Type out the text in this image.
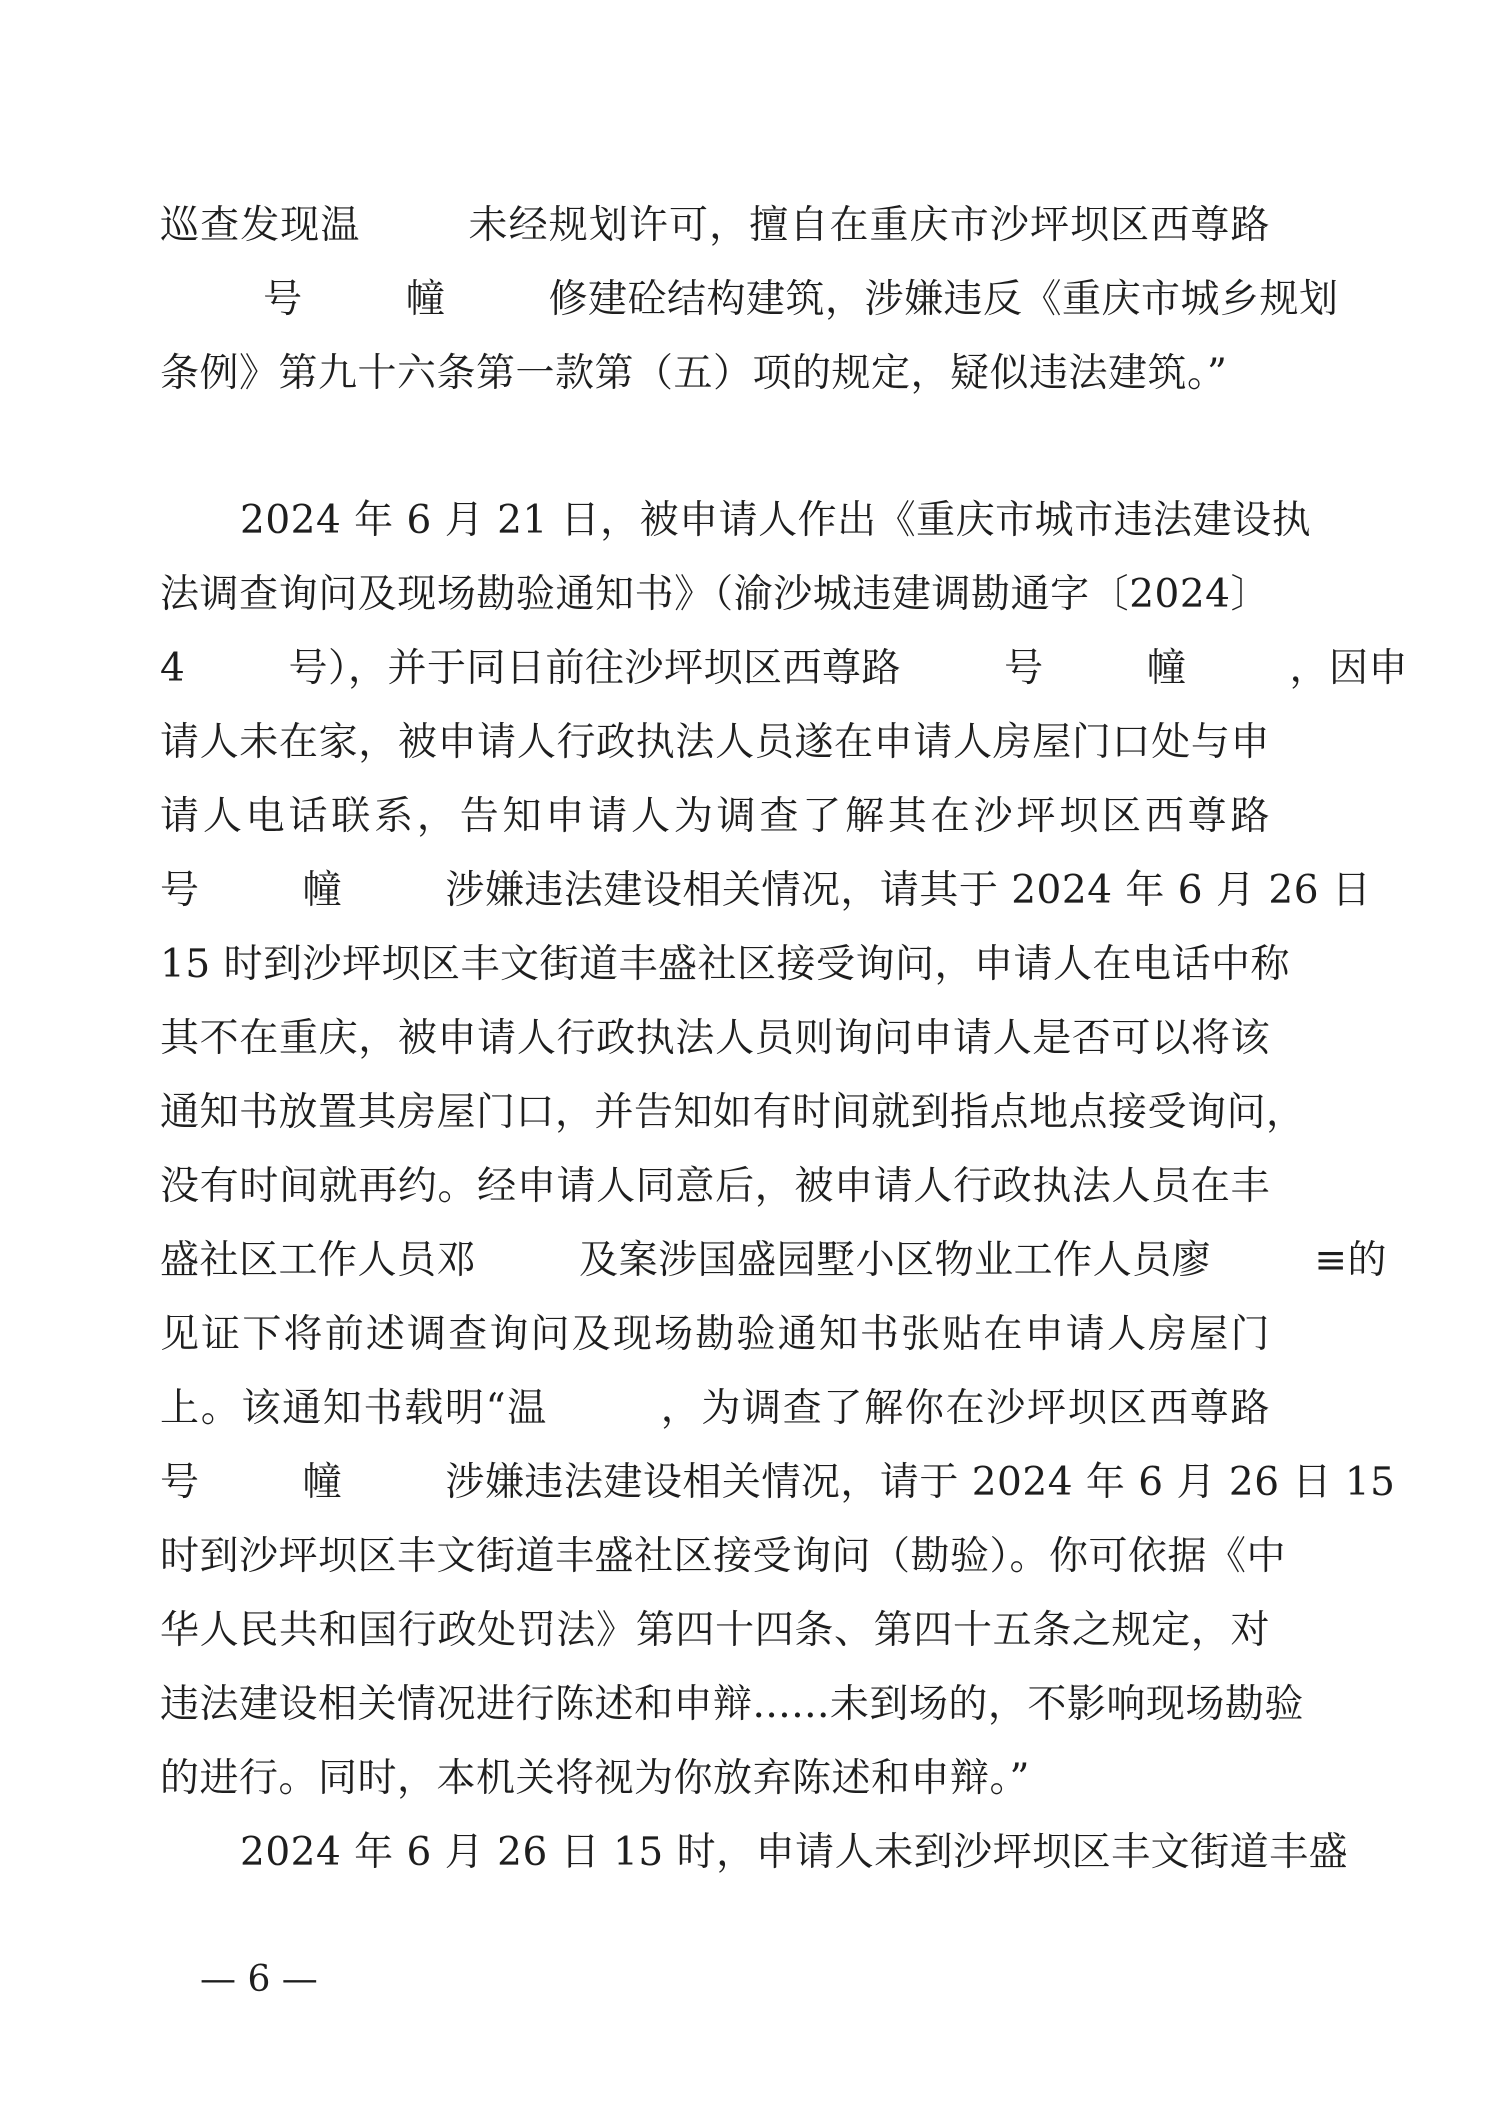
巡查发现温        未经规划许可，擅自在重庆市沙坪坝区西尊路
号        幢        修建砼结构建筑，涉嫌违反《重庆市城乡规划
条例》第九十六条第一款第（五）项的规定，疑似违法建筑。”
2024 年 6 月 21 日，被申请人作出《重庆市城市违法建设执
法调查询问及现场勘验通知书》（渝沙城违建调勘通字〔2024〕
4        号），并于同日前往沙坪坝区西尊路        号        幢        ，因申
请人未在家，被申请人行政执法人员遂在申请人房屋门口处与申
请人电话联系，告知申请人为调查了解其在沙坪坝区西尊路
号        幢        涉嫌违法建设相关情况，请其于 2024 年 6 月 26 日
15 时到沙坪坝区丰文街道丰盛社区接受询问，申请人在电话中称
其不在重庆，被申请人行政执法人员则询问申请人是否可以将该
通知书放置其房屋门口，并告知如有时间就到指点地点接受询问，
没有时间就再约。经申请人同意后，被申请人行政执法人员在丰
盛社区工作人员邓        及案涉国盛园墅小区物业工作人员廖        ≡的
见证下将前述调查询问及现场勘验通知书张贴在申请人房屋门
上。该通知书载明“温        ，为调查了解你在沙坪坝区西尊路
号        幢        涉嫌违法建设相关情况，请于 2024 年 6 月 26 日 15
时到沙坪坝区丰文街道丰盛社区接受询问（勘验）。你可依据《中
华人民共和国行政处罚法》第四十四条、第四十五条之规定，对
违法建设相关情况进行陈述和申辩......未到场的，不影响现场勘验
的进行。同时，本机关将视为你放弃陈述和申辩。”
2024 年 6 月 26 日 15 时，申请人未到沙坪坝区丰文街道丰盛
— 6 —
